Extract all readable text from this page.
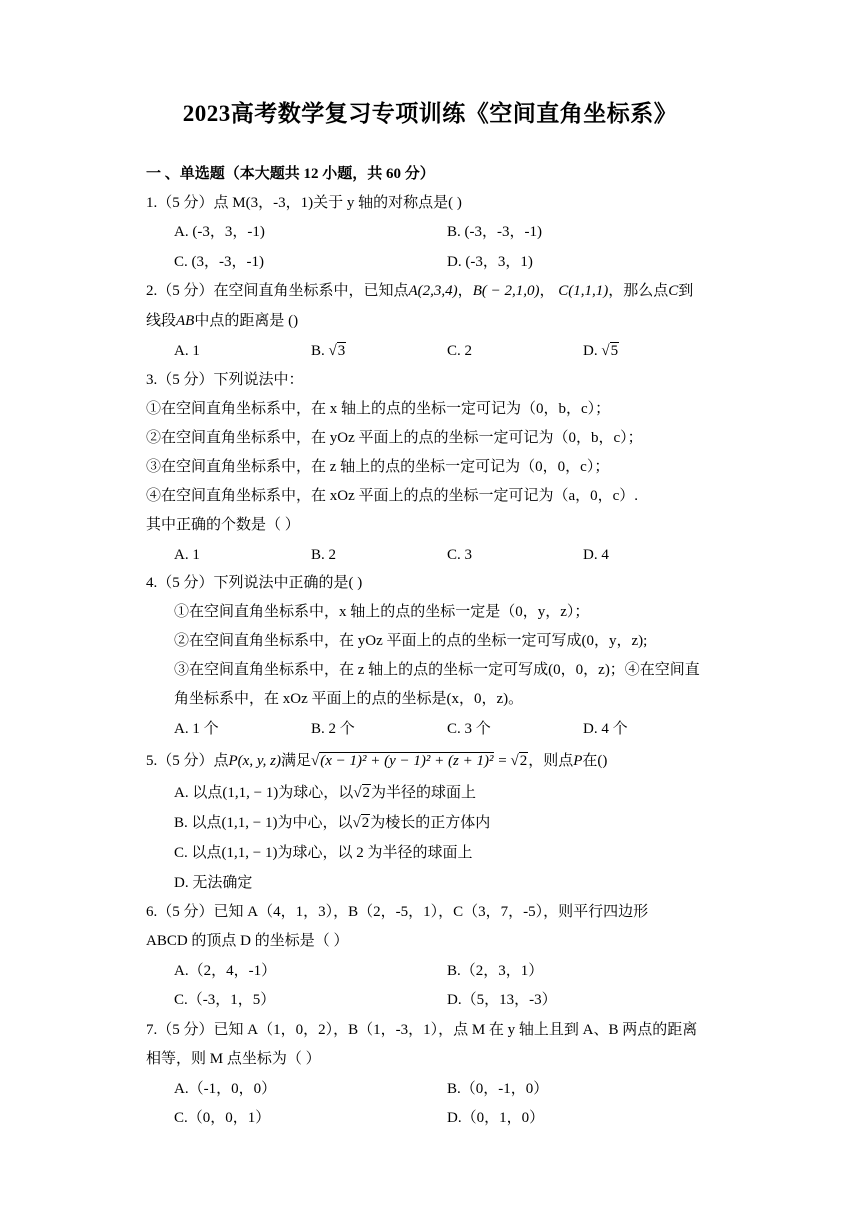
2023高考数学复习专项训练《空间直角坐标系》
一 、单选题（本大题共 12 小题，共 60 分）
1.（5 分）点 M(3，-3，1)关于 y 轴的对称点是( )
A. (-3，3，-1)	B. (-3，-3，-1)
C. (3，-3，-1)	D. (-3，3，1)
2.（5 分）在空间直角坐标系中，已知点A(2,3,4)，B( − 2,1,0)， C(1,1,1)，那么点C到
线段AB中点的距离是 ()
A. 1	B. √3	C. 2	D. √5
3.（5 分）下列说法中：
①在空间直角坐标系中，在 x 轴上的点的坐标一定可记为（0，b，c）；
②在空间直角坐标系中，在 yOz 平面上的点的坐标一定可记为（0，b，c）；
③在空间直角坐标系中，在 z 轴上的点的坐标一定可记为（0，0，c）；
④在空间直角坐标系中，在 xOz 平面上的点的坐标一定可记为（a，0，c）.
其中正确的个数是（ ）
A. 1	B. 2	C. 3	D. 4
4.（5 分）下列说法中正确的是( )
①在空间直角坐标系中，x 轴上的点的坐标一定是（0，y，z）；
②在空间直角坐标系中，在 yOz 平面上的点的坐标一定可写成(0，y，z);
③在空间直角坐标系中，在 z 轴上的点的坐标一定可写成(0，0，z)；④在空间直
角坐标系中，在 xOz 平面上的点的坐标是(x，0，z)。
A. 1 个	B. 2 个	C. 3 个	D. 4 个
5.（5 分）点P(x, y, z)满足√(x − 1)² + (y − 1)² + (z + 1)² = √2，则点P在()
A. 以点(1,1, − 1)为球心，以√2为半径的球面上
B. 以点(1,1, − 1)为中心，以√2为棱长的正方体内
C. 以点(1,1, − 1)为球心，以 2 为半径的球面上
D. 无法确定
6.（5 分）已知 A（4，1，3），B（2，-5，1），C（3，7，-5），则平行四边形
ABCD 的顶点 D 的坐标是（ ）
A.（2，4，-1）	B.（2，3，1）
C.（-3，1，5）	D.（5，13，-3）
7.（5 分）已知 A（1，0，2），B（1，-3，1），点 M 在 y 轴上且到 A、B 两点的距离
相等，则 M 点坐标为（ ）
A.（-1，0，0）	B.（0，-1，0）
C.（0，0，1）	D.（0，1，0）
